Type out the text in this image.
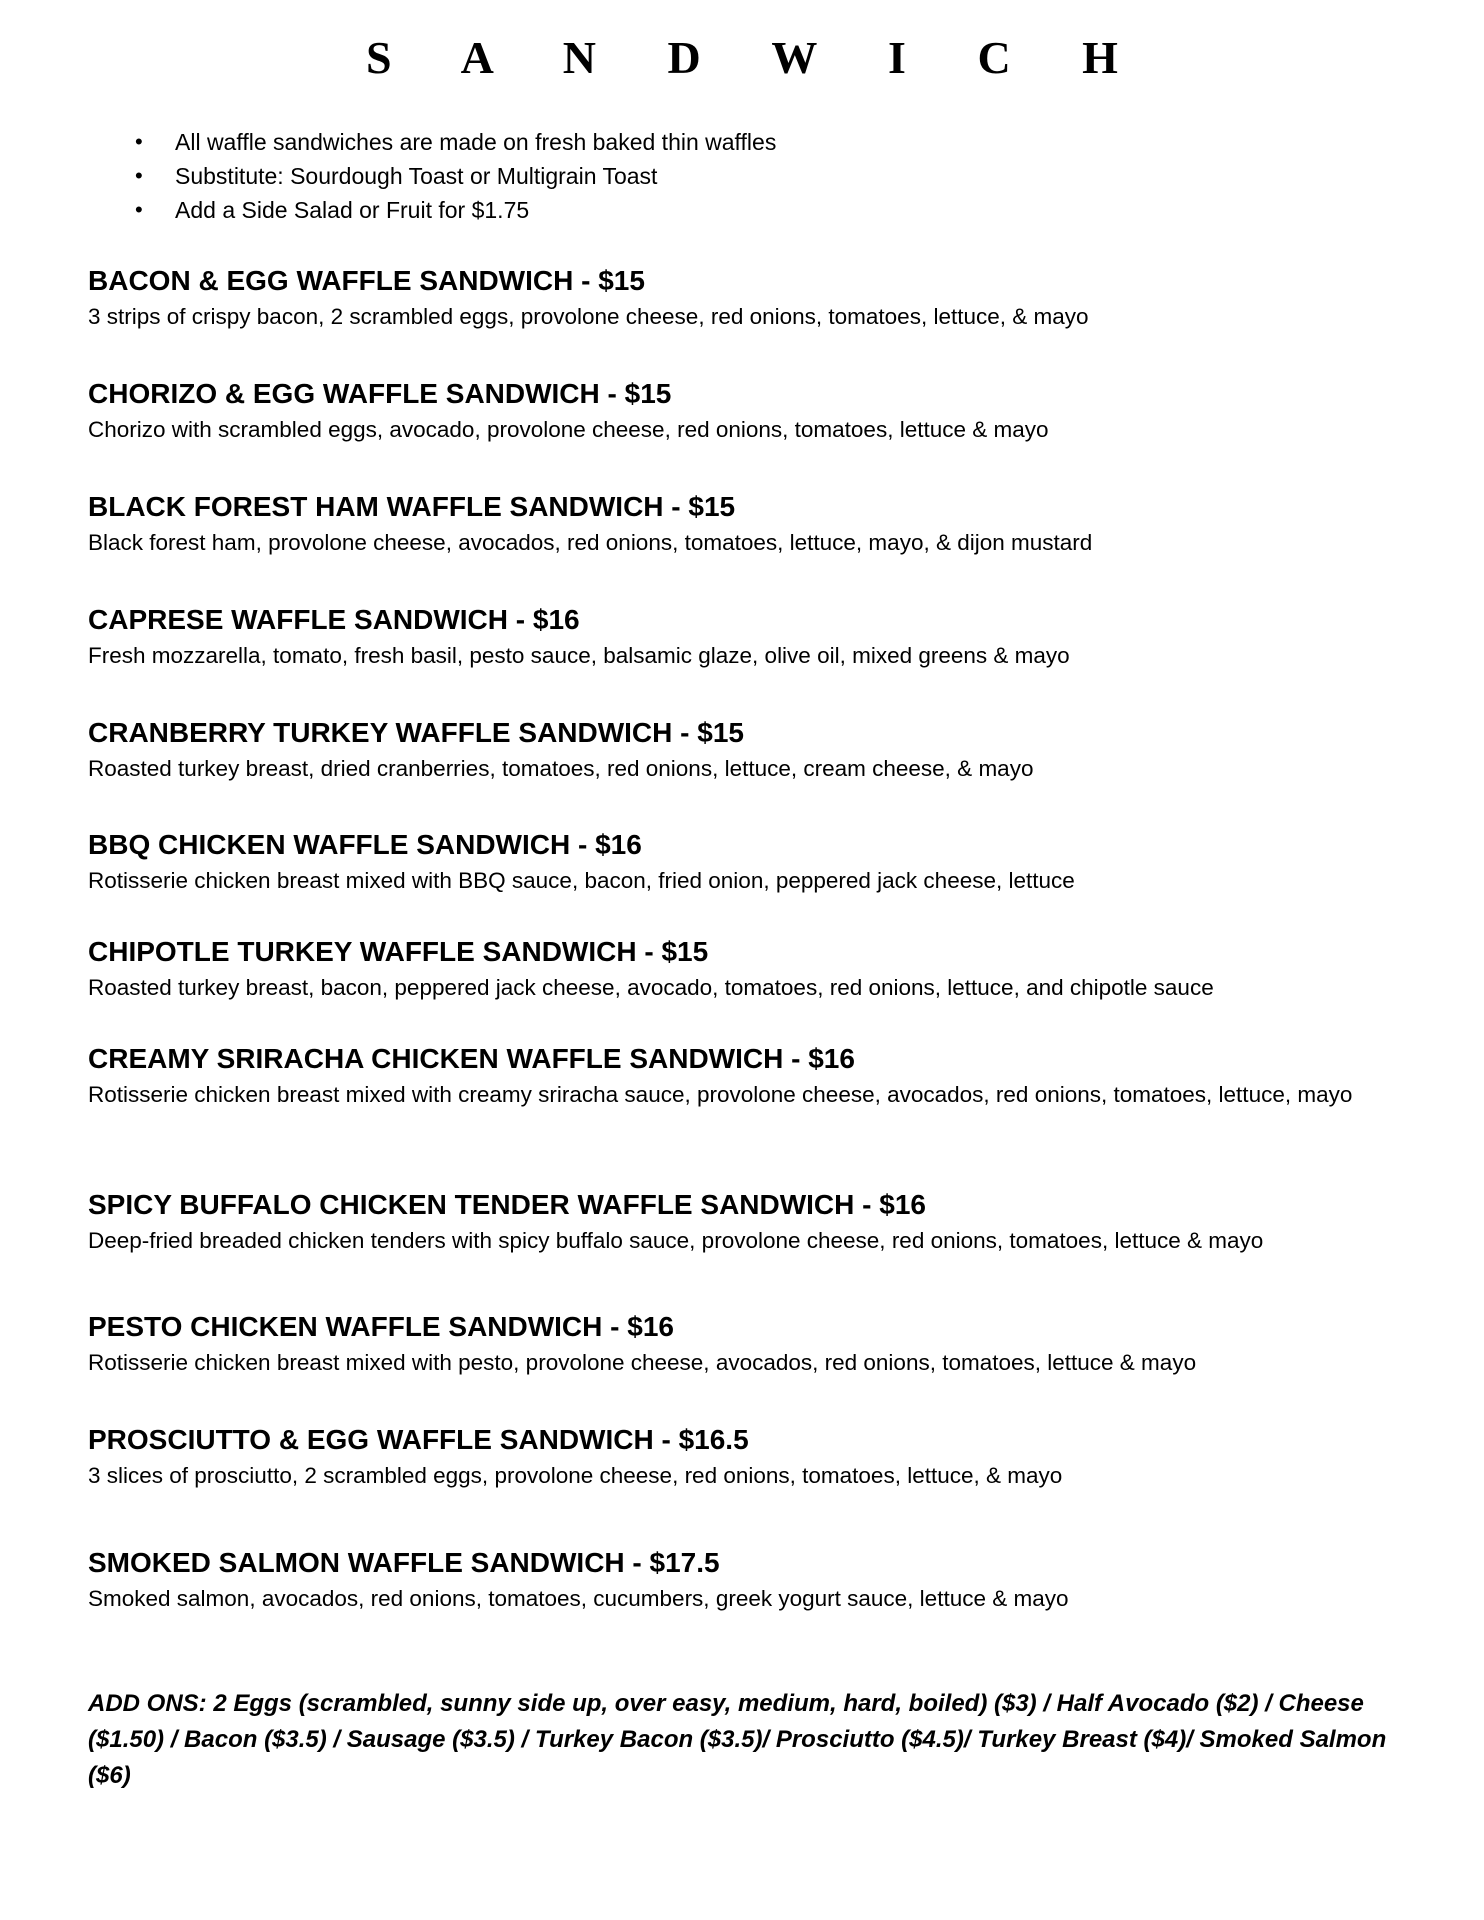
S A N D W I C H
• All waffle sandwiches are made on fresh baked thin waffles
• Substitute: Sourdough Toast or Multigrain Toast
• Add a Side Salad or Fruit for $1.75
BACON & EGG WAFFLE SANDWICH - $15
3 strips of crispy bacon, 2 scrambled eggs, provolone cheese, red onions, tomatoes, lettuce, & mayo
CHORIZO & EGG WAFFLE SANDWICH - $15
Chorizo with scrambled eggs, avocado, provolone cheese, red onions, tomatoes, lettuce & mayo
BLACK FOREST HAM WAFFLE SANDWICH - $15
Black forest ham, provolone cheese, avocados, red onions, tomatoes, lettuce, mayo, & dijon mustard
CAPRESE WAFFLE SANDWICH - $16
Fresh mozzarella, tomato, fresh basil, pesto sauce, balsamic glaze, olive oil, mixed greens & mayo
CRANBERRY TURKEY WAFFLE SANDWICH - $15
Roasted turkey breast, dried cranberries, tomatoes, red onions, lettuce, cream cheese, & mayo
BBQ CHICKEN WAFFLE SANDWICH - $16
Rotisserie chicken breast mixed with BBQ sauce, bacon, fried onion, peppered jack cheese, lettuce
CHIPOTLE TURKEY WAFFLE SANDWICH - $15
Roasted turkey breast, bacon, peppered jack cheese, avocado, tomatoes, red onions, lettuce, and chipotle sauce
CREAMY SRIRACHA CHICKEN WAFFLE SANDWICH - $16
Rotisserie chicken breast mixed with creamy sriracha sauce, provolone cheese, avocados, red onions, tomatoes, lettuce, mayo
SPICY BUFFALO CHICKEN TENDER WAFFLE SANDWICH - $16
Deep-fried breaded chicken tenders with spicy buffalo sauce, provolone cheese, red onions, tomatoes, lettuce & mayo
PESTO CHICKEN WAFFLE SANDWICH - $16
Rotisserie chicken breast mixed with pesto, provolone cheese, avocados, red onions, tomatoes, lettuce & mayo
PROSCIUTTO & EGG WAFFLE SANDWICH - $16.5
3 slices of prosciutto, 2 scrambled eggs, provolone cheese, red onions, tomatoes, lettuce, & mayo
SMOKED SALMON WAFFLE SANDWICH - $17.5
Smoked salmon, avocados, red onions, tomatoes, cucumbers, greek yogurt sauce, lettuce & mayo
ADD ONS: 2 Eggs (scrambled, sunny side up, over easy, medium, hard, boiled) ($3) / Half Avocado ($2) / Cheese ($1.50) / Bacon ($3.5) / Sausage ($3.5) / Turkey Bacon ($3.5)/ Prosciutto ($4.5)/ Turkey Breast ($4)/ Smoked Salmon ($6)
